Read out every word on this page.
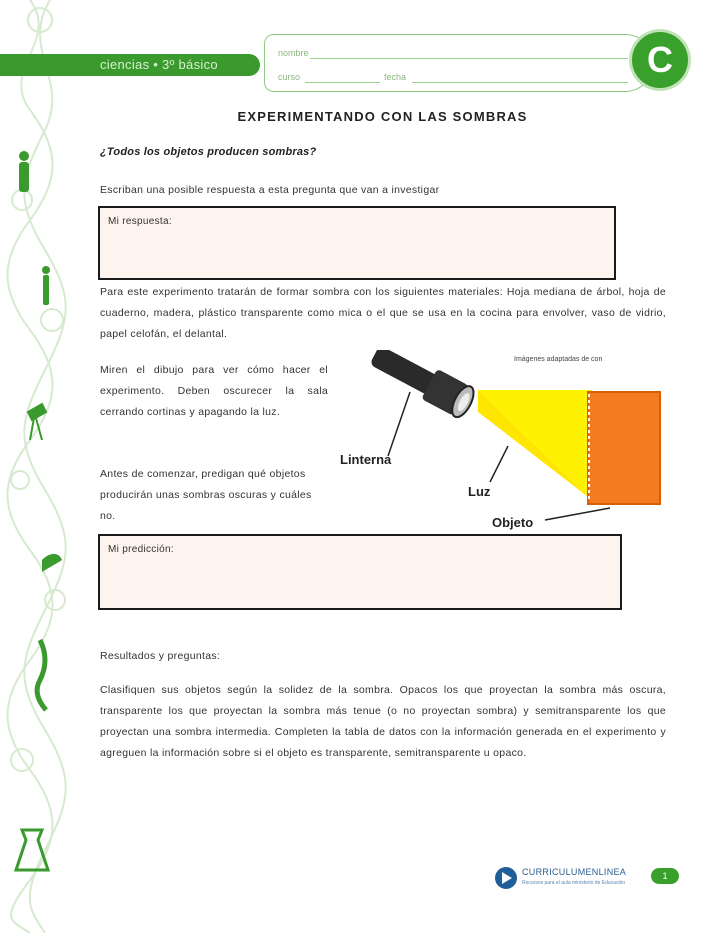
ciencias • 3º básico
nombre
curso	fecha	C
EXPERIMENTANDO CON LAS SOMBRAS
¿Todos los objetos producen sombras?
Escriban una posible respuesta a esta pregunta que van a investigar
Mi respuesta:
Para este experimento tratarán de formar sombra con los siguientes materiales: Hoja mediana de árbol, hoja de cuaderno, madera, plástico transparente como mica o el que se usa en la cocina para envolver, vaso de vidrio, papel celofán, el delantal.
Miren el dibujo para ver cómo hacer el experimento. Deben oscurecer la sala cerrando cortinas y apagando la luz.
Antes de comenzar, predigan qué objetos producirán unas sombras oscuras y cuáles no.
Imágenes adaptadas de con
Linterna
Luz
Objeto
Mi predicción:
Resultados y preguntas:
Clasifiquen sus objetos según la solidez de la sombra. Opacos los que proyectan la sombra más oscura, transparente los que proyectan la sombra más tenue (o no proyectan sombra) y semitransparente los que proyectan una sombra intermedia. Completen la tabla de datos con la información generada en el experimento y agreguen la información sobre si el objeto es transparente, semitransparente u opaco.
CURRICULUMENLINEA
Recursos para el aula ministerio de Educación
1
